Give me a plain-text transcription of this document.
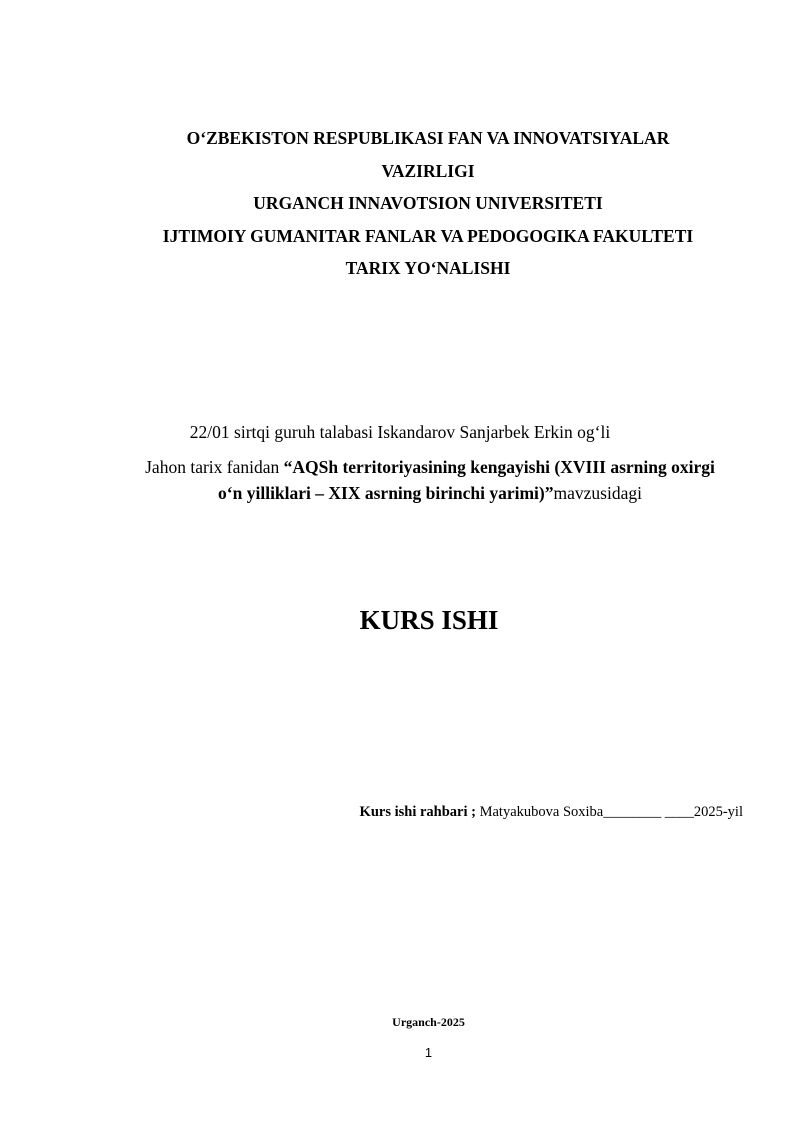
O‘ZBEKISTON RESPUBLIKASI FAN VA INNOVATSIYALAR
VAZIRLIGI
URGANCH INNAVOTSION UNIVERSITETI
IJTIMOIY GUMANITAR FANLAR VA PEDOGOGIKA FAKULTETI
TARIX YO‘NALISHI
22/01 sirtqi guruh talabasi Iskandarov Sanjarbek Erkin og‘li
Jahon tarix fanidan “AQSh territoriyasining kengayishi (XVIII asrning oxirgi
o‘n yilliklari – XIX asrning birinchi yarimi)”mavzusidagi
KURS ISHI
Kurs ishi rahbari ; Matyakubova Soxiba________ ____2025-yil
Urganch-2025
1
